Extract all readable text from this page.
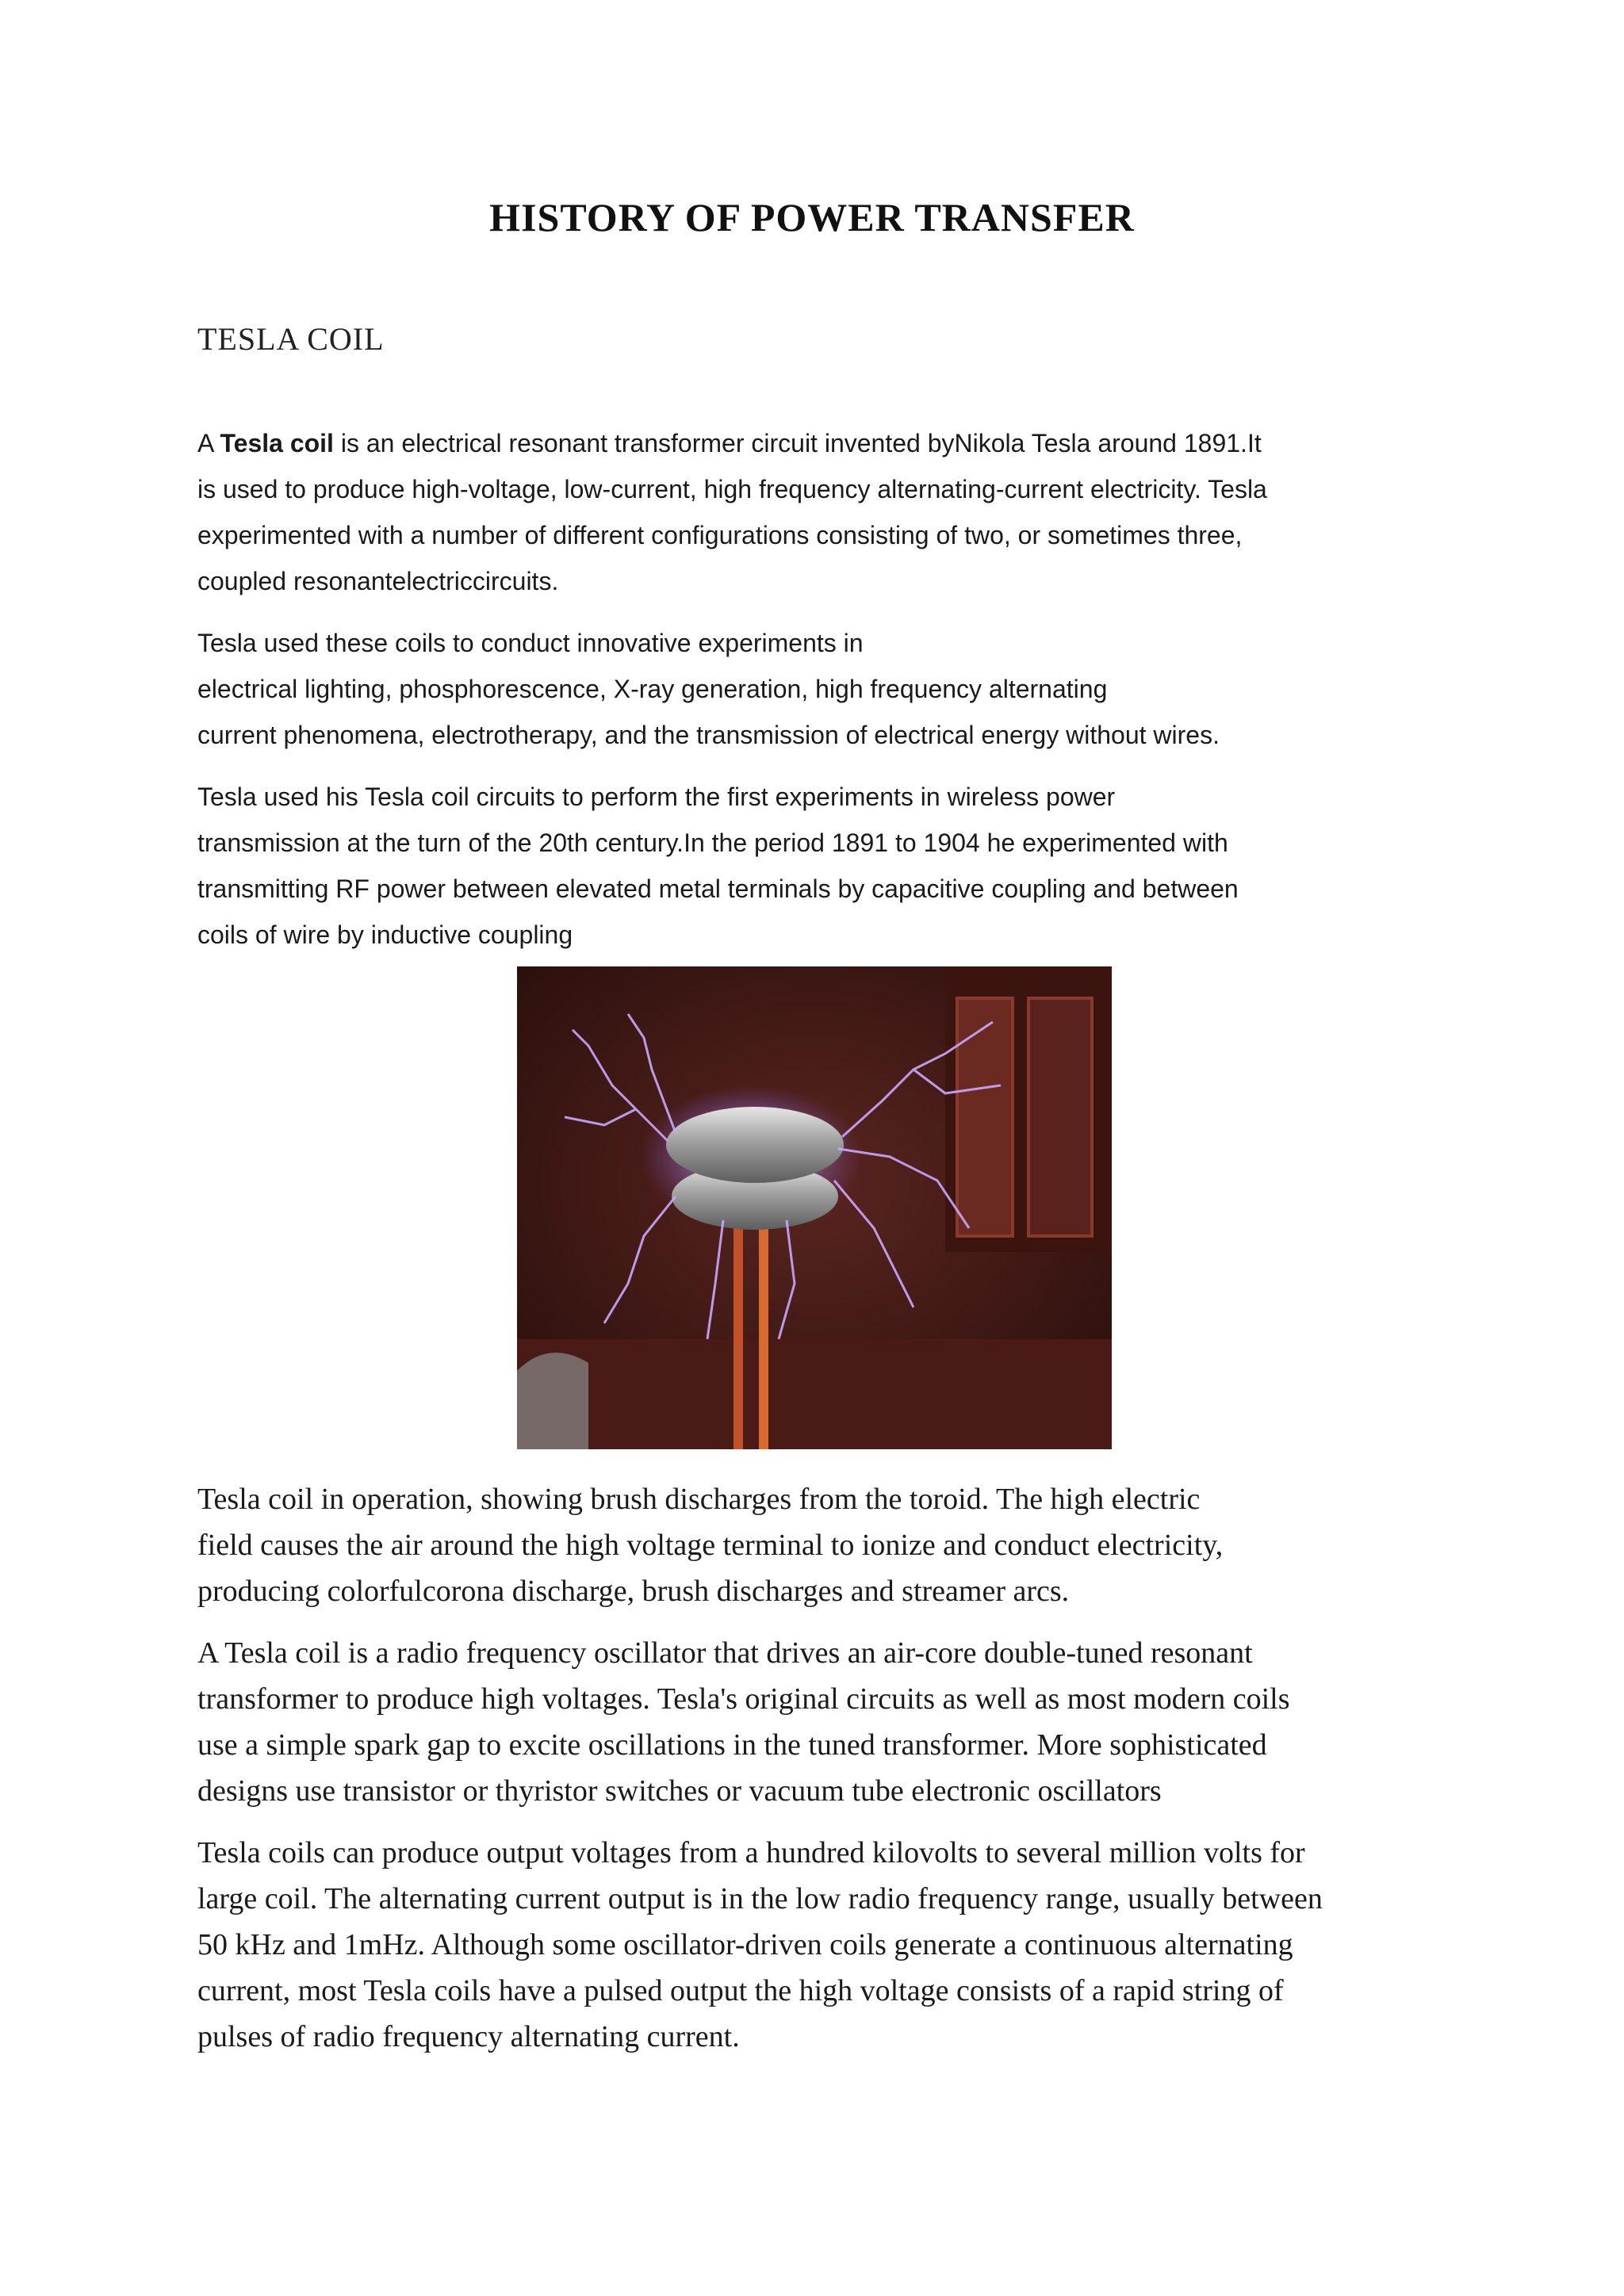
HISTORY OF POWER TRANSFER
TESLA COIL
A Tesla coil is an electrical resonant transformer circuit invented byNikola Tesla around 1891.It
is used to produce high-voltage, low-current, high frequency alternating-current electricity. Tesla
experimented with a number of different configurations consisting of two, or sometimes three,
coupled resonantelectriccircuits.
Tesla used these coils to conduct innovative experiments in
electrical lighting, phosphorescence, X-ray generation, high frequency alternating
current phenomena, electrotherapy, and the transmission of electrical energy without wires.
Tesla used his Tesla coil circuits to perform the first experiments in wireless power
transmission at the turn of the 20th century.In the period 1891 to 1904 he experimented with
transmitting RF power between elevated metal terminals by capacitive coupling and between
coils of wire by inductive coupling
Tesla coil in operation, showing brush discharges from the toroid. The high electric
field causes the air around the high voltage terminal to ionize and conduct electricity,
producing colorfulcorona discharge, brush discharges and streamer arcs.
A Tesla coil is a radio frequency oscillator that drives an air-core double-tuned resonant
transformer to produce high voltages. Tesla's original circuits as well as most modern coils
use a simple spark gap to excite oscillations in the tuned transformer. More sophisticated
designs use transistor or thyristor switches or vacuum tube electronic oscillators
Tesla coils can produce output voltages from a hundred kilovolts to several million volts for
large coil. The alternating current output is in the low radio frequency range, usually between
50 kHz and 1mHz. Although some oscillator-driven coils generate a continuous alternating
current, most Tesla coils have a pulsed output the high voltage consists of a rapid string of
pulses of radio frequency alternating current.
